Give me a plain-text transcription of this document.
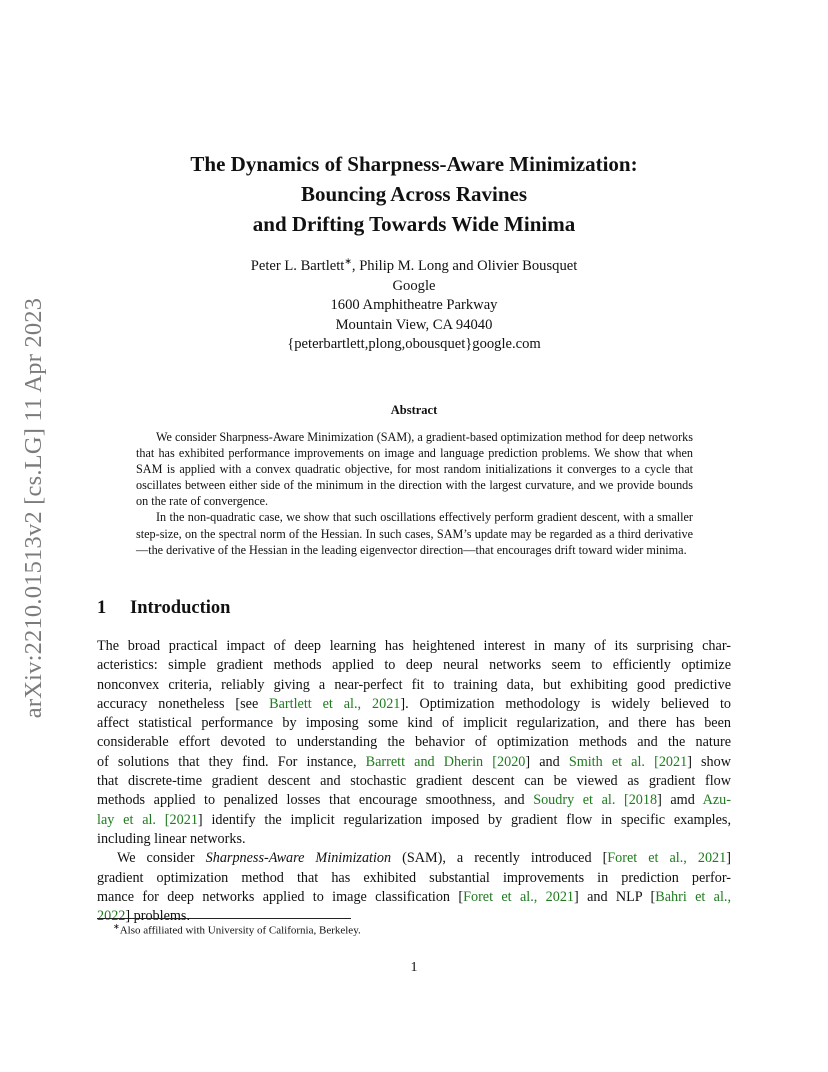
arXiv:2210.01513v2 [cs.LG] 11 Apr 2023
The Dynamics of Sharpness-Aware Minimization:
Bouncing Across Ravines
and Drifting Towards Wide Minima
Peter L. Bartlett∗, Philip M. Long and Olivier Bousquet
Google
1600 Amphitheatre Parkway
Mountain View, CA 94040
{peterbartlett,plong,obousquet}google.com
Abstract

We consider Sharpness-Aware Minimization (SAM), a gradient-based optimization method for deep networks that has exhibited performance improvements on image and language prediction problems. We show that when SAM is applied with a convex quadratic objective, for most random initializations it converges to a cycle that oscillates between either side of the minimum in the direction with the largest curvature, and we provide bounds on the rate of convergence.

In the non-quadratic case, we show that such oscillations effectively perform gradient descent, with a smaller step-size, on the spectral norm of the Hessian. In such cases, SAM’s update may be regarded as a third derivative—the derivative of the Hessian in the leading eigenvector direction—that encourages drift toward wider minima.

1 Introduction
The broad practical impact of deep learning has heightened interest in many of its surprising char-
acteristics: simple gradient methods applied to deep neural networks seem to efficiently optimize
nonconvex criteria, reliably giving a near-perfect fit to training data, but exhibiting good predictive
accuracy nonetheless [see Bartlett et al., 2021]. Optimization methodology is widely believed to
affect statistical performance by imposing some kind of implicit regularization, and there has been
considerable effort devoted to understanding the behavior of optimization methods and the nature
of solutions that they find. For instance, Barrett and Dherin [2020] and Smith et al. [2021] show
that discrete-time gradient descent and stochastic gradient descent can be viewed as gradient flow
methods applied to penalized losses that encourage smoothness, and Soudry et al. [2018] amd Azu-
lay et al. [2021] identify the implicit regularization imposed by gradient flow in specific examples,
including linear networks.
We consider Sharpness-Aware Minimization (SAM), a recently introduced [Foret et al., 2021]
gradient optimization method that has exhibited substantial improvements in prediction perfor-
mance for deep networks applied to image classification [Foret et al., 2021] and NLP [Bahri et al.,
2022] problems.
∗Also affiliated with University of California, Berkeley.
1
